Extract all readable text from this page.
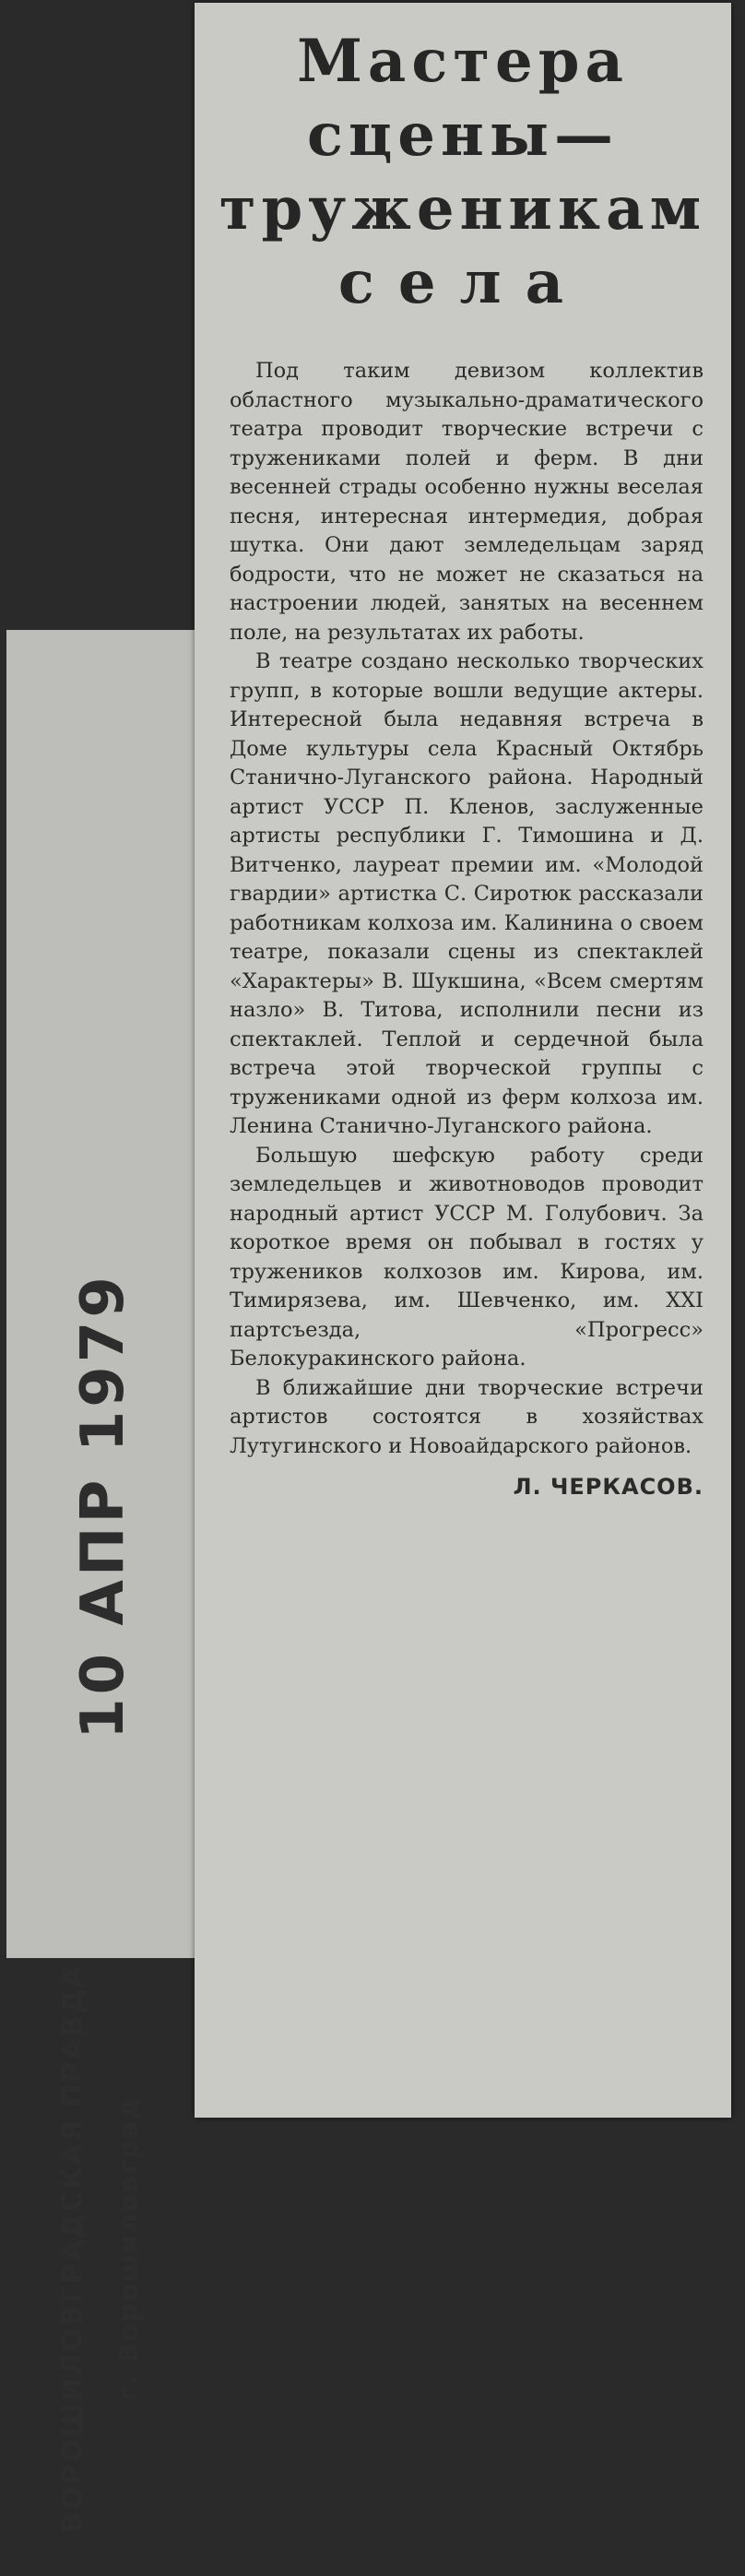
10 АПР 1979
ВОРОШИЛОВГРАДСКАЯ ПРАВДА г. Ворошиловград
Мастера
сцены—
труженикам
села

Под таким девизом коллектив областного музыкально-драматического театра проводит творческие встречи с тружениками полей и ферм. В дни весенней страды особенно нужны веселая песня, интересная интермедия, добрая шутка. Они дают земледельцам заряд бодрости, что не может не сказаться на настроении людей, занятых на весеннем поле, на результатах их работы.

В театре создано несколько творческих групп, в которые вошли ведущие актеры. Интересной была недавняя встреча в Доме культуры села Красный Октябрь Станично-Луганского района. Народный артист УССР П. Кленов, заслуженные артисты республики Г. Тимошина и Д. Витченко, лауреат премии им. «Молодой гвардии» артистка С. Сиротюк рассказали работникам колхоза им. Калинина о своем театре, показали сцены из спектаклей «Характеры» В. Шукшина, «Всем смертям назло» В. Титова, исполнили песни из спектаклей. Теплой и сердечной была встреча этой творческой группы с тружениками одной из ферм колхоза им. Ленина Станично-Луганского района.

Большую шефскую работу среди земледельцев и животноводов проводит народный артист УССР М. Голубович. За короткое время он побывал в гостях у тружеников колхозов им. Кирова, им. Тимирязева, им. Шевченко, им. XXI партсъезда, «Прогресс» Белокуракинского района.

В ближайшие дни творческие встречи артистов состоятся в хозяйствах Лутугинского и Новоайдарского районов.

Л. ЧЕРКАСОВ.
